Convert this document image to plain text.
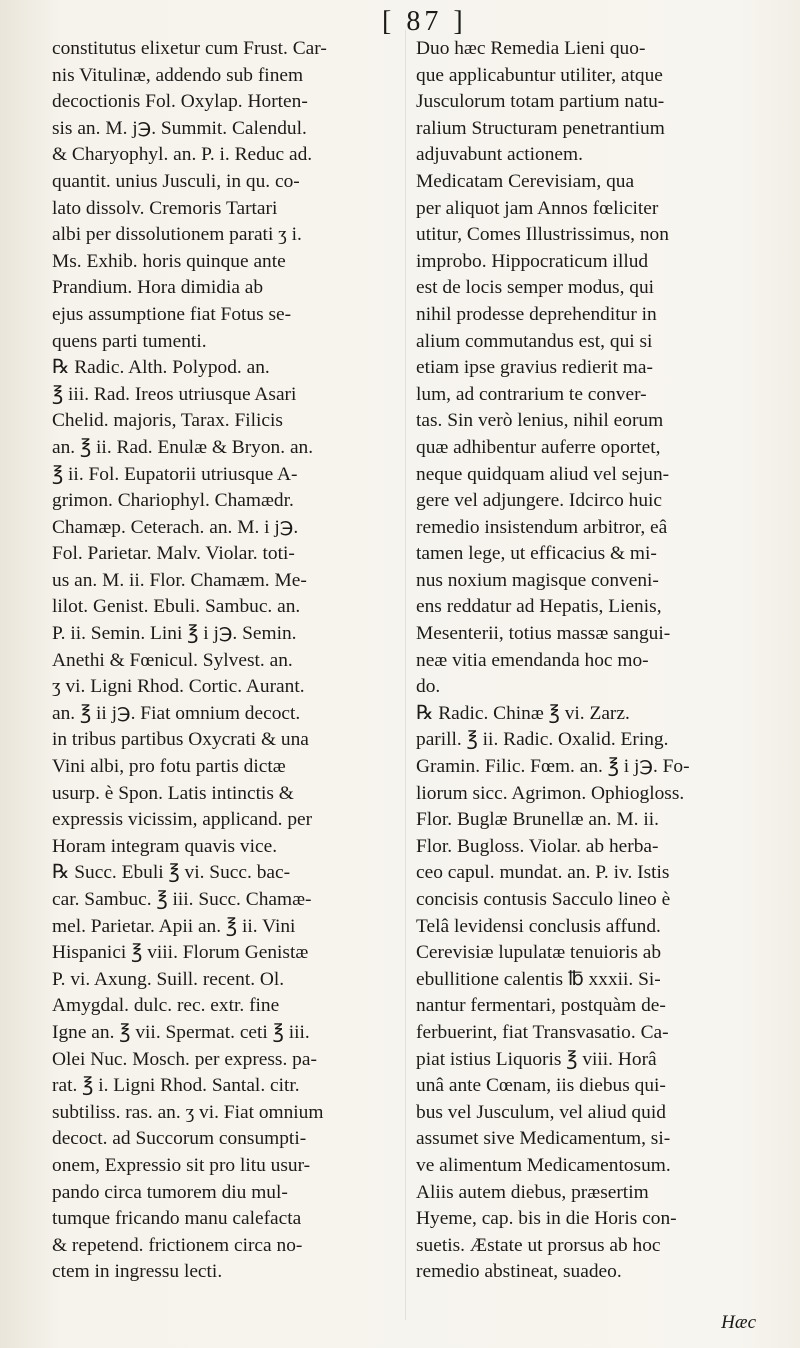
[ 87 ]

constitutus elixetur cum Frust. Car-

nis Vitulinæ, addendo sub finem

decoctionis Fol. Oxylap. Horten-

sis an. M. j℈. Summit. Calendul.

& Charyophyl. an. P. i. Reduc ad.

quantit. unius Jusculi, in qu. co-

lato dissolv. Cremoris Tartari

albi per dissolutionem parati ʒ i.

Ms. Exhib. horis quinque ante

Prandium. Hora dimidia ab

ejus assumptione fiat Fotus se-

quens parti tumenti.

℞ Radic. Alth. Polypod. an.

℥ iii. Rad. Ireos utriusque Asari

Chelid. majoris, Tarax. Filicis

an. ℥ ii. Rad. Enulæ & Bryon. an.

℥ ii. Fol. Eupatorii utriusque A-

grimon. Chariophyl. Chamædr.

Chamæp. Ceterach. an. M. i j℈.

Fol. Parietar. Malv. Violar. toti-

us an. M. ii. Flor. Chamæm. Me-

lilot. Genist. Ebuli. Sambuc. an.

P. ii. Semin. Lini ℥ i j℈. Semin.

Anethi & Fœnicul. Sylvest. an.

ʒ vi. Ligni Rhod. Cortic. Aurant.

an. ℥ ii j℈. Fiat omnium decoct.

in tribus partibus Oxycrati & una

Vini albi, pro fotu partis dictæ

usurp. è Spon. Latis intinctis &

expressis vicissim, applicand. per

Horam integram quavis vice.

℞ Succ. Ebuli ℥ vi. Succ. bac-

car. Sambuc. ℥ iii. Succ. Chamæ-

mel. Parietar. Apii an. ℥ ii. Vini

Hispanici ℥ viii. Florum Genistæ

P. vi. Axung. Suill. recent. Ol.

Amygdal. dulc. rec. extr. fine

Igne an. ℥ vii. Spermat. ceti ℥ iii.

Olei Nuc. Mosch. per express. pa-

rat. ℥ i. Ligni Rhod. Santal. citr.

subtiliss. ras. an. ʒ vi. Fiat omnium

decoct. ad Succorum consumpti-

onem, Expressio sit pro litu usur-

pando circa tumorem diu mul-

tumque fricando manu calefacta

& repetend. frictionem circa no-

ctem in ingressu lecti.

Duo hæc Remedia Lieni quo-

que applicabuntur utiliter, atque

Jusculorum totam partium natu-

ralium Structuram penetrantium

adjuvabunt actionem.

Medicatam Cerevisiam, qua

per aliquot jam Annos fœliciter

utitur, Comes Illustrissimus, non

improbo. Hippocraticum illud

est de locis semper modus, qui

nihil prodesse deprehenditur in

alium commutandus est, qui si

etiam ipse gravius redierit ma-

lum, ad contrarium te conver-

tas. Sin verò lenius, nihil eorum

quæ adhibentur auferre oportet,

neque quidquam aliud vel sejun-

gere vel adjungere. Idcirco huic

remedio insistendum arbitror, eâ

tamen lege, ut efficacius & mi-

nus noxium magisque conveni-

ens reddatur ad Hepatis, Lienis,

Mesenterii, totius massæ sangui-

neæ vitia emendanda hoc mo-

do.

℞ Radic. Chinæ ℥ vi. Zarz.

parill. ℥ ii. Radic. Oxalid. Ering.

Gramin. Filic. Fœm. an. ℥ i j℈. Fo-

liorum sicc. Agrimon. Ophiogloss.

Flor. Buglæ Brunellæ an. M. ii.

Flor. Bugloss. Violar. ab herba-

ceo capul. mundat. an. P. iv. Istis

concisis contusis Sacculo lineo è

Telâ levidensi conclusis affund.

Cerevisiæ lupulatæ tenuioris ab

ebullitione calentis ℔ xxxii. Si-

nantur fermentari, postquàm de-

ferbuerint, fiat Transvasatio. Ca-

piat istius Liquoris ℥ viii. Horâ

unâ ante Cœnam, iis diebus qui-

bus vel Jusculum, vel aliud quid

assumet sive Medicamentum, si-

ve alimentum Medicamentosum.

Aliis autem diebus, præsertim

Hyeme, cap. bis in die Horis con-

suetis. Æstate ut prorsus ab hoc

remedio abstineat, suadeo.

Hæc
